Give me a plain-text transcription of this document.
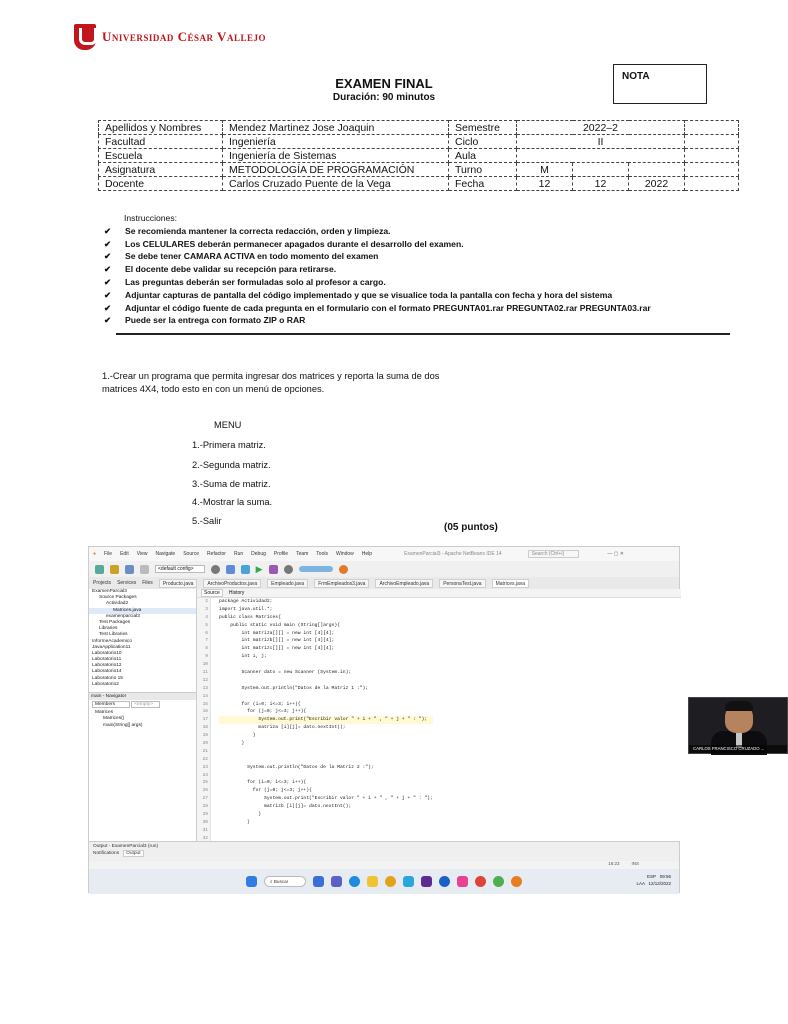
Universidad César Vallejo
EXAMEN FINAL
Duración: 90 minutos
NOTA
Apellidos y Nombres	Mendez Martinez Jose Joaquin	Semestre	2022–2			
Facultad	Ingeniería	Ciclo	II			
Escuela	Ingeniería de Sistemas	Aula				
Asignatura	METODOLOGÍA DE PROGRAMACIÓN	Turno	M			
Docente	Carlos Cruzado Puente de la Vega	Fecha	12	12	2022	
Instrucciones:
✔	Se recomienda mantener la correcta redacción, orden y limpieza.
✔	Los CELULARES deberán permanecer apagados durante el desarrollo del examen.
✔	Se debe tener CAMARA ACTIVA en todo momento del examen
✔	El docente debe validar su recepción para retirarse.
✔	Las preguntas deberán ser formuladas solo al profesor a cargo.
✔	Adjuntar capturas de pantalla del código implementado y que se visualice toda la pantalla con fecha y hora del sistema
✔	Adjuntar el código fuente de cada pregunta en el formulario con el formato PREGUNTA01.rar PREGUNTA02.rar PREGUNTA03.rar
✔	Puede ser la entrega con formato ZIP o RAR
1.-Crear un programa que permita ingresar dos matrices y reporta la suma de dos matrices 4X4, todo esto en con un menú de opciones.
MENU
1.-Primera matriz.
2.-Segunda matriz.
3.-Suma de matriz.
4.-Mostrar la suma.
5.-Salir
(05 puntos)
● File Edit View Navigate Source Refactor Run Debug Profile Team Tools Window Help	ExamenParcial3 - Apache NetBeans IDE 14	Search (Ctrl+I)	— ▢ ✕
<default config>	▶
Projects Services Files	Producto.java	ArchivoProductos.java	Empleado.java	FrmEmpleados3.java	ArchivoEmpleado.java	PersonaTest.java	Matrices.java
ExamenParcial3
Source Packages
Actividad2
Matrices.java
examenparcial3
Test Packages
Libraries
Test Libraries
InformeAcademico
JavaApplication11
Laboratorio10
Laboratorio11
Laboratorio12
Laboratorio14
Laboratorio 15
Laboratorio2
main - Navigator
Members	<empty>
Matrices
Matrices()
main(String[] args)
Source	History
2
3
4
5
6
7
8
9
10
11
12
13
14
15
16
17
18
19
20
21
22
23
24
25
26
27
28
29
30
31
32
package Actividad2;
import java.util.*;
public class Matrices{
public static void main (String[]args){
int matriza[][] = new int [4][4];
int matrizb[][] = new int [4][4];
int matrizc[][] = new int [4][4];
int i, j;

Scanner dato = new Scanner (System.in);

System.out.println("Datos de la Matriz 1 :");

for (i=0; i<=3; i++){
for (j=0; j<=3; j++){
System.out.print("Escribir valor " + i + " , " + j + " : ");
matriza [i][j]= dato.nextInt();
}
}

System.out.println("Datos de la Matriz 2 :");

for (i=0; i<=3; i++){
for (j=0; j<=3; j++){
System.out.print("Escribir valor " + i + " , " + j + " : ");
matrizb [i][j]= dato.nextInt();
}
}

CARLOS FRANCISCO CRUZADO ...
Output - ExamenParcial3 (run)
Notifications Output
16:23	INS
⌕ Buscar
ESP 09:56
LAA 12/12/2022
